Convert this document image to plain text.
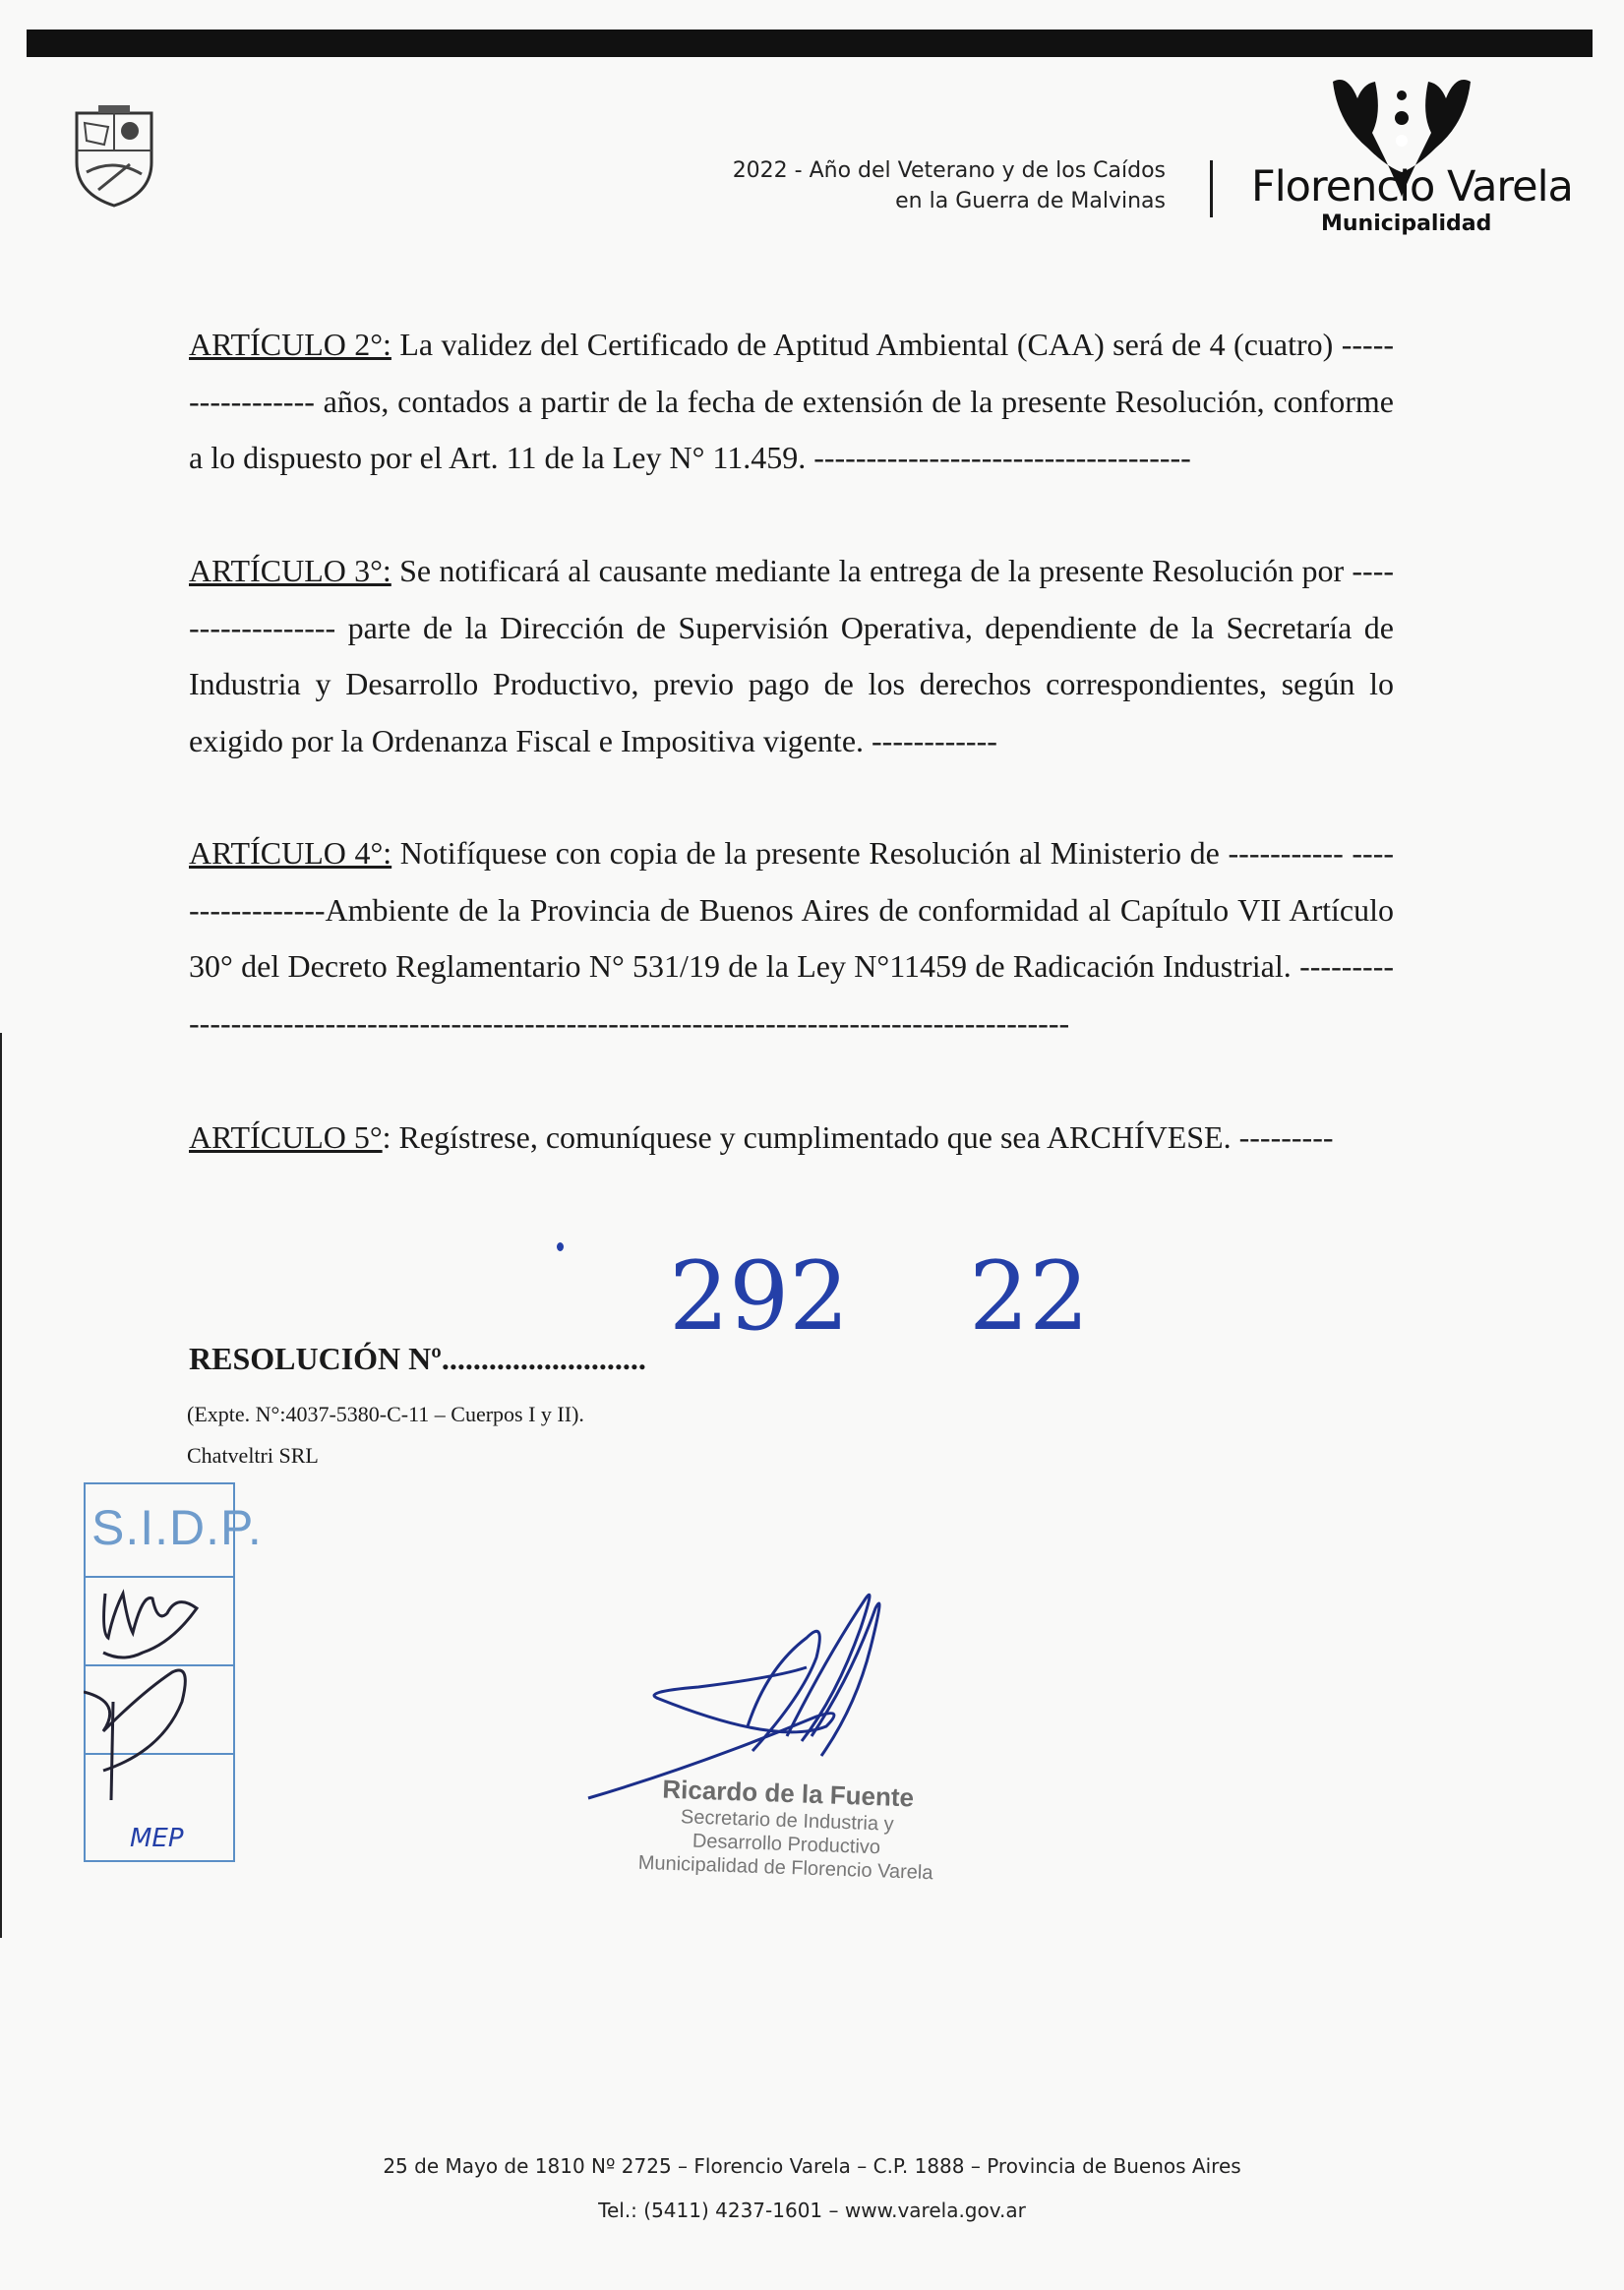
2022 - Año del Veterano y de los Caídos
en la Guerra de Malvinas Florencio Varela
Municipalidad
ARTÍCULO 2°: La validez del Certificado de Aptitud Ambiental (CAA) será de 4 (cuatro) ----------------- años, contados a partir de la fecha de extensión de la presente Resolución, conforme a lo dispuesto por el Art. 11 de la Ley N° 11.459. ------------------------------------
ARTÍCULO 3°: Se notificará al causante mediante la entrega de la presente Resolución por ------------------ parte de la Dirección de Supervisión Operativa, dependiente de la Secretaría de Industria y Desarrollo Productivo, previo pago de los derechos correspondientes, según lo exigido por la Ordenanza Fiscal e Impositiva vigente. ------------
ARTÍCULO 4°: Notifíquese con copia de la presente Resolución al Ministerio de ----------- -----------------Ambiente de la Provincia de Buenos Aires de conformidad al Capítulo VII Artículo 30° del Decreto Reglamentario N° 531/19 de la Ley N°11459 de Radicación Industrial. ---------------------------------------------------------------------------------------------
ARTÍCULO 5°: Regístrese, comuníquese y cumplimentado que sea ARCHÍVESE. ---------
292 22
RESOLUCIÓN Nº..........................
(Expte. N°:4037-5380-C-11 – Cuerpos I y II).
Chatveltri SRL
S.I.D.P.
MEP
Ricardo de la Fuente
Secretario de Industria y
Desarrollo Productivo
Municipalidad de Florencio Varela
25 de Mayo de 1810 Nº 2725 – Florencio Varela – C.P. 1888 – Provincia de Buenos Aires
Tel.: (5411) 4237-1601 – www.varela.gov.ar
